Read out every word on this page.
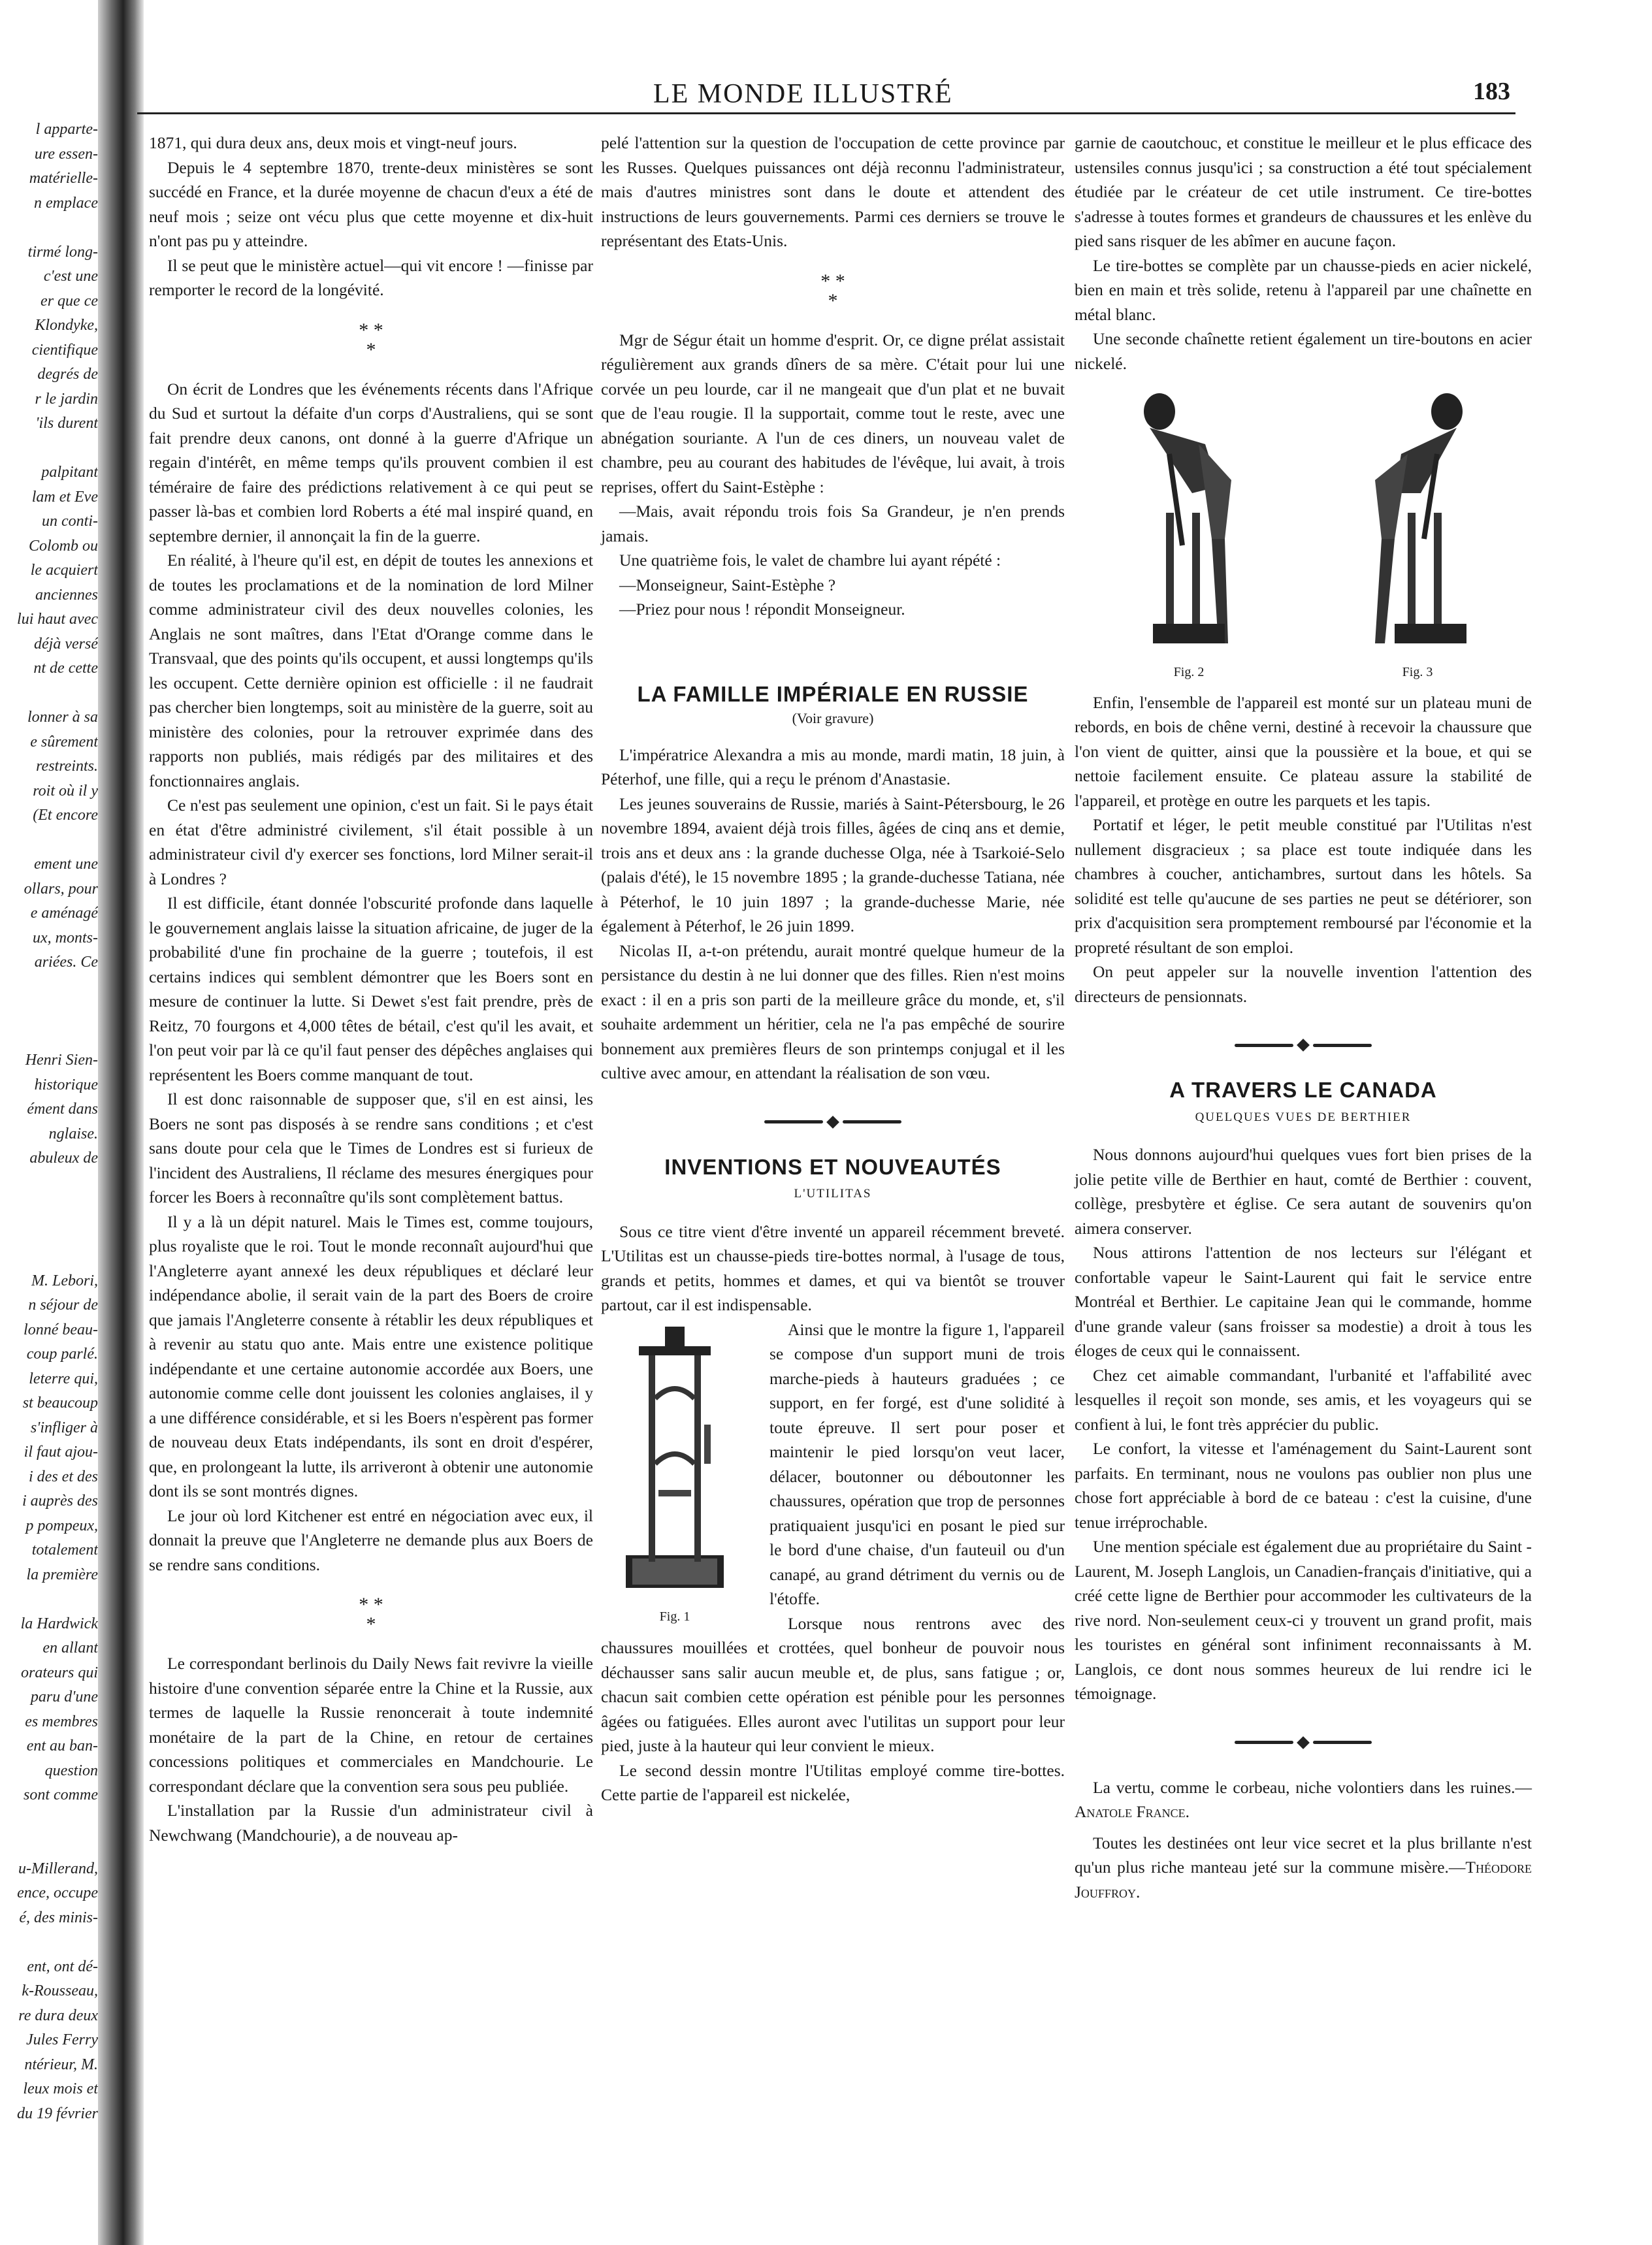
l apparte-
ure essen-
matérielle-
n emplace

tirmé long-
c'est une
er que ce
Klondyke,
cientifique
degrés de
r le jardin
'ils durent

palpitant
lam et Eve
un conti-
Colomb ou
le acquiert
anciennes
lui haut avec
déjà versé
nt de cette

lonner à sa
e sûrement
restreints.
roit où il y
(Et encore

ement une
ollars, pour
e aménagé
ux, monts-
ariées. Ce

Henri Sien-
historique
ément dans
nglaise.
abuleux de

M. Lebori,
n séjour de
lonné beau-
coup parlé.
leterre qui,
st beaucoup
s'infliger à
il faut ajou-
i des et des
i auprès des
p pompeux,
totalement
la première

la Hardwick
en allant
orateurs qui
paru d'une
es membres
ent au ban-
question
sont comme

u-Millerand,
ence, occupe
é, des minis-

ent, ont dé-
k-Rousseau,
re dura deux
Jules Ferry
ntérieur, M.
leux mois et
du 19 février
LE MONDE ILLUSTRÉ	183

1871, qui dura deux ans, deux mois et vingt-neuf jours.

Depuis le 4 septembre 1870, trente-deux ministères se sont succédé en France, et la durée moyenne de chacun d'eux a été de neuf mois ; seize ont vécu plus que cette moyenne et dix-huit n'ont pas pu y atteindre.

Il se peut que le ministère actuel—qui vit encore ! —finisse par remporter le record de la longévité.

* *
*

On écrit de Londres que les événements récents dans l'Afrique du Sud et surtout la défaite d'un corps d'Australiens, qui se sont fait prendre deux canons, ont donné à la guerre d'Afrique un regain d'intérêt, en même temps qu'ils prouvent combien il est téméraire de faire des prédictions relativement à ce qui peut se passer là-bas et combien lord Roberts a été mal inspiré quand, en septembre dernier, il annonçait la fin de la guerre.

En réalité, à l'heure qu'il est, en dépit de toutes les annexions et de toutes les proclamations et de la nomination de lord Milner comme administrateur civil des deux nouvelles colonies, les Anglais ne sont maîtres, dans l'Etat d'Orange comme dans le Transvaal, que des points qu'ils occupent, et aussi longtemps qu'ils les occupent. Cette dernière opinion est officielle : il ne faudrait pas chercher bien longtemps, soit au ministère de la guerre, soit au ministère des colonies, pour la retrouver exprimée dans des rapports non publiés, mais rédigés par des militaires et des fonctionnaires anglais.

Ce n'est pas seulement une opinion, c'est un fait. Si le pays était en état d'être administré civilement, s'il était possible à un administrateur civil d'y exercer ses fonctions, lord Milner serait-il à Londres ?

Il est difficile, étant donnée l'obscurité profonde dans laquelle le gouvernement anglais laisse la situation africaine, de juger de la probabilité d'une fin prochaine de la guerre ; toutefois, il est certains indices qui semblent démontrer que les Boers sont en mesure de continuer la lutte. Si Dewet s'est fait prendre, près de Reitz, 70 fourgons et 4,000 têtes de bétail, c'est qu'il les avait, et l'on peut voir par là ce qu'il faut penser des dépêches anglaises qui représentent les Boers comme manquant de tout.

Il est donc raisonnable de supposer que, s'il en est ainsi, les Boers ne sont pas disposés à se rendre sans conditions ; et c'est sans doute pour cela que le Times de Londres est si furieux de l'incident des Australiens, Il réclame des mesures énergiques pour forcer les Boers à reconnaître qu'ils sont complètement battus.

Il y a là un dépit naturel. Mais le Times est, comme toujours, plus royaliste que le roi. Tout le monde reconnaît aujourd'hui que l'Angleterre ayant annexé les deux républiques et déclaré leur indépendance abolie, il serait vain de la part des Boers de croire que jamais l'Angleterre consente à rétablir les deux républiques et à revenir au statu quo ante. Mais entre une existence politique indépendante et une certaine autonomie accordée aux Boers, une autonomie comme celle dont jouissent les colonies anglaises, il y a une différence considérable, et si les Boers n'espèrent pas former de nouveau deux Etats indépendants, ils sont en droit d'espérer, que, en prolongeant la lutte, ils arriveront à obtenir une autonomie dont ils se sont montrés dignes.

Le jour où lord Kitchener est entré en négociation avec eux, il donnait la preuve que l'Angleterre ne demande plus aux Boers de se rendre sans conditions.

* *
*

Le correspondant berlinois du Daily News fait revivre la vieille histoire d'une convention séparée entre la Chine et la Russie, aux termes de laquelle la Russie renoncerait à toute indemnité monétaire de la part de la Chine, en retour de certaines concessions politiques et commerciales en Mandchourie. Le correspondant déclare que la convention sera sous peu publiée.

L'installation par la Russie d'un administrateur civil à Newchwang (Mandchourie), a de nouveau ap-

pelé l'attention sur la question de l'occupation de cette province par les Russes. Quelques puissances ont déjà reconnu l'administrateur, mais d'autres ministres sont dans le doute et attendent des instructions de leurs gouvernements. Parmi ces derniers se trouve le représentant des Etats-Unis.

* *
*

Mgr de Ségur était un homme d'esprit. Or, ce digne prélat assistait régulièrement aux grands dîners de sa mère. C'était pour lui une corvée un peu lourde, car il ne mangeait que d'un plat et ne buvait que de l'eau rougie. Il la supportait, comme tout le reste, avec une abnégation souriante. A l'un de ces diners, un nouveau valet de chambre, peu au courant des habitudes de l'évêque, lui avait, à trois reprises, offert du Saint-Estèphe :

—Mais, avait répondu trois fois Sa Grandeur, je n'en prends jamais.

Une quatrième fois, le valet de chambre lui ayant répété :

—Monseigneur, Saint-Estèphe ?

—Priez pour nous ! répondit Monseigneur.

LA FAMILLE IMPÉRIALE EN RUSSIE
(Voir gravure)

L'impératrice Alexandra a mis au monde, mardi matin, 18 juin, à Péterhof, une fille, qui a reçu le prénom d'Anastasie.

Les jeunes souverains de Russie, mariés à Saint-Pétersbourg, le 26 novembre 1894, avaient déjà trois filles, âgées de cinq ans et demie, trois ans et deux ans : la grande duchesse Olga, née à Tsarkoié-Selo (palais d'été), le 15 novembre 1895 ; la grande-duchesse Tatiana, née à Péterhof, le 10 juin 1897 ; la grande-duchesse Marie, née également à Péterhof, le 26 juin 1899.

Nicolas II, a-t-on prétendu, aurait montré quelque humeur de la persistance du destin à ne lui donner que des filles. Rien n'est moins exact : il en a pris son parti de la meilleure grâce du monde, et, s'il souhaite ardemment un héritier, cela ne l'a pas empêché de sourire bonnement aux premières fleurs de son printemps conjugal et il les cultive avec amour, en attendant la réalisation de son vœu.

INVENTIONS ET NOUVEAUTÉS
L'UTILITAS

Sous ce titre vient d'être inventé un appareil récemment breveté. L'Utilitas est un chausse-pieds tire-bottes normal, à l'usage de tous, grands et petits, hommes et dames, et qui va bientôt se trouver partout, car il est indispensable.

Fig. 1

Ainsi que le montre la figure 1, l'appareil se compose d'un support muni de trois marche-pieds à hauteurs graduées ; ce support, en fer forgé, est d'une solidité à toute épreuve. Il sert pour poser et maintenir le pied lorsqu'on veut lacer, délacer, boutonner ou déboutonner les chaussures, opération que trop de personnes pratiquaient jusqu'ici en posant le pied sur le bord d'une chaise, d'un fauteuil ou d'un canapé, au grand détriment du vernis ou de l'étoffe.

Lorsque nous rentrons avec des chaussures mouillées et crottées, quel bonheur de pouvoir nous déchausser sans salir aucun meuble et, de plus, sans fatigue ; or, chacun sait combien cette opération est pénible pour les personnes âgées ou fatiguées. Elles auront avec l'utilitas un support pour leur pied, juste à la hauteur qui leur convient le mieux.

Le second dessin montre l'Utilitas employé comme tire-bottes. Cette partie de l'appareil est nickelée,

garnie de caoutchouc, et constitue le meilleur et le plus efficace des ustensiles connus jusqu'ici ; sa construction a été tout spécialement étudiée par le créateur de cet utile instrument. Ce tire-bottes s'adresse à toutes formes et grandeurs de chaussures et les enlève du pied sans risquer de les abîmer en aucune façon.

Le tire-bottes se complète par un chausse-pieds en acier nickelé, bien en main et très solide, retenu à l'appareil par une chaînette en métal blanc.

Une seconde chaînette retient également un tire-boutons en acier nickelé.

Fig. 2	Fig. 3

Enfin, l'ensemble de l'appareil est monté sur un plateau muni de rebords, en bois de chêne verni, destiné à recevoir la chaussure que l'on vient de quitter, ainsi que la poussière et la boue, et qui se nettoie facilement ensuite. Ce plateau assure la stabilité de l'appareil, et protège en outre les parquets et les tapis.

Portatif et léger, le petit meuble constitué par l'Utilitas n'est nullement disgracieux ; sa place est toute indiquée dans les chambres à coucher, antichambres, surtout dans les hôtels. Sa solidité est telle qu'aucune de ses parties ne peut se détériorer, son prix d'acquisition sera promptement remboursé par l'économie et la propreté résultant de son emploi.

On peut appeler sur la nouvelle invention l'attention des directeurs de pensionnats.

A TRAVERS LE CANADA
QUELQUES VUES DE BERTHIER

Nous donnons aujourd'hui quelques vues fort bien prises de la jolie petite ville de Berthier en haut, comté de Berthier : couvent, collège, presbytère et église. Ce sera autant de souvenirs qu'on aimera conserver.

Nous attirons l'attention de nos lecteurs sur l'élégant et confortable vapeur le Saint-Laurent qui fait le service entre Montréal et Berthier. Le capitaine Jean qui le commande, homme d'une grande valeur (sans froisser sa modestie) a droit à tous les éloges de ceux qui le connaissent.

Chez cet aimable commandant, l'urbanité et l'affabilité avec lesquelles il reçoit son monde, ses amis, et les voyageurs qui se confient à lui, le font très apprécier du public.

Le confort, la vitesse et l'aménagement du Saint-Laurent sont parfaits. En terminant, nous ne voulons pas oublier non plus une chose fort appréciable à bord de ce bateau : c'est la cuisine, d'une tenue irréprochable.

Une mention spéciale est également due au propriétaire du Saint - Laurent, M. Joseph Langlois, un Canadien-français d'initiative, qui a créé cette ligne de Berthier pour accommoder les cultivateurs de la rive nord. Non-seulement ceux-ci y trouvent un grand profit, mais les touristes en général sont infiniment reconnaissants à M. Langlois, ce dont nous sommes heureux de lui rendre ici le témoignage.

La vertu, comme le corbeau, niche volontiers dans les ruines.—Anatole France.

Toutes les destinées ont leur vice secret et la plus brillante n'est qu'un plus riche manteau jeté sur la commune misère.—Théodore Jouffroy.
